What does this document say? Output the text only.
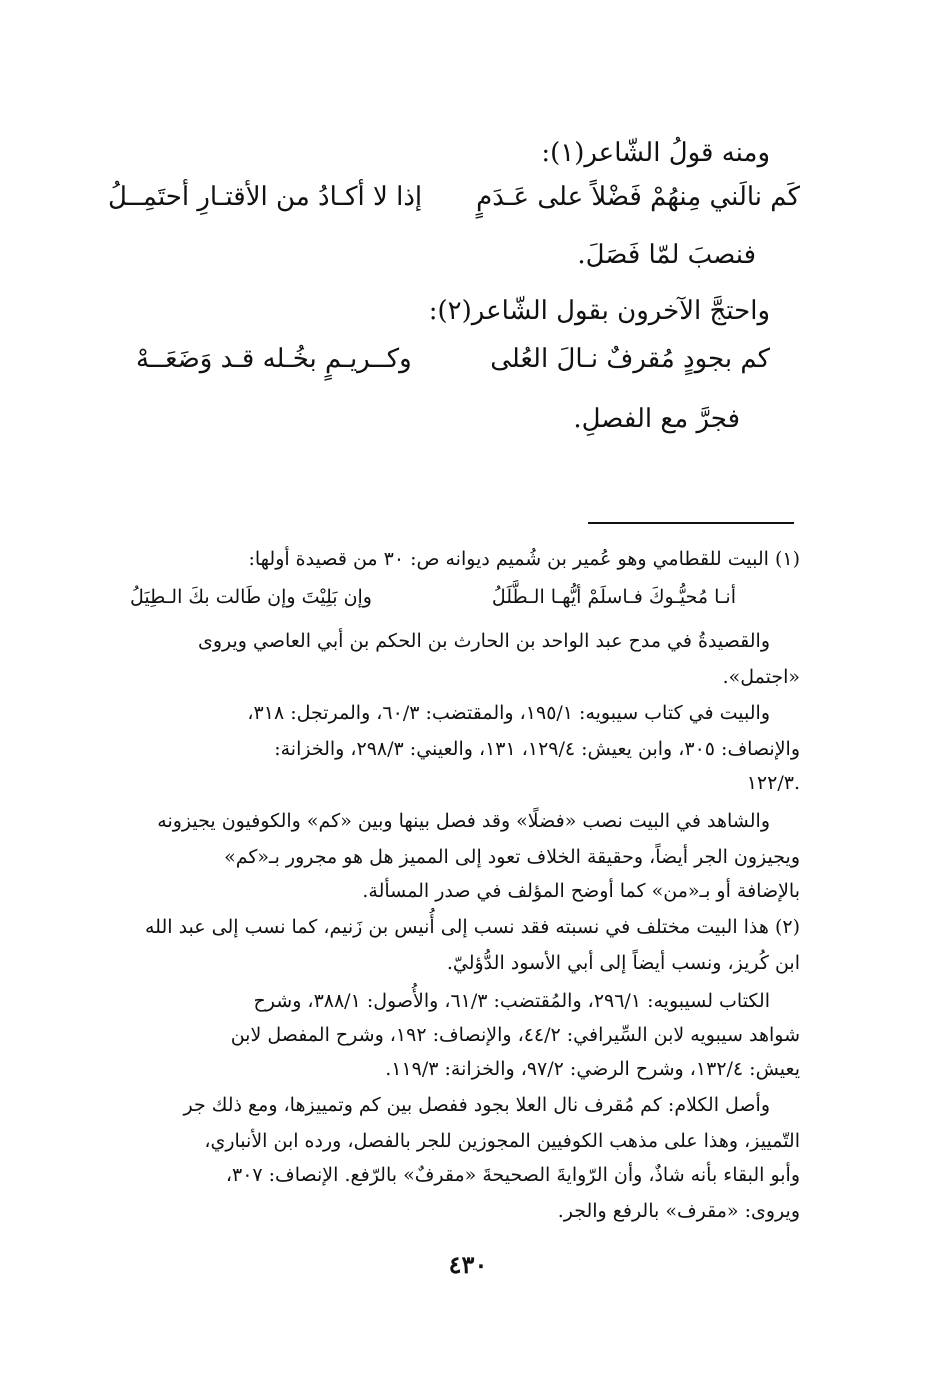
ومنه قولُ الشّاعر(١):
كَم نالَني مِنهُمْ فَضْلاً على عَـدَمٍ
إذا لا أكـادُ من الأقتـارِ أحتَمِــلُ
فنصبَ لمّا فَصَلَ.
واحتجَّ الآخرون بقول الشّاعر(٢):
كم بجودٍ مُقرفٌ نـالَ العُلى
وكــريـمٍ بخُـله قـد وَضَعَــهْ
فجرَّ مع الفصلِ.
(١) البيت للقطامي وهو عُمير بن شُميم ديوانه ص: ٣٠ من قصيدة أولها:
أنـا مُحيُّـوكَ فـاسلَمْ أيُّهـا الـطَّلَلُ
وإن بَلِيْتَ وإن طَالت بكَ الـطِيَلُ
والقصيدةُ في مدح عبد الواحد بن الحارث بن الحكم بن أبي العاصي ويروى
«اجتمل».
والبيت في كتاب سيبويه: ١٩٥/١، والمقتضب: ٦٠/٣، والمرتجل: ٣١٨،
والإنصاف: ٣٠٥، وابن يعيش: ١٢٩/٤، ١٣١، والعيني: ٢٩٨/٣، والخزانة:
١٢٢/٣.
والشاهد في البيت نصب «فضلًا» وقد فصل بينها وبين «كم» والكوفيون يجيزونه
ويجيزون الجر أيضاً، وحقيقة الخلاف تعود إلى المميز هل هو مجرور بـ«كم»
بالإضافة أو بـ«من» كما أوضح المؤلف في صدر المسألة.
(٢) هذا البيت مختلف في نسبته فقد نسب إلى أُنيس بن زَنيم، كما نسب إلى عبد الله
ابن كُريز، ونسب أيضاً إلى أبي الأسود الدُّؤليّ.
الكتاب لسيبويه: ٢٩٦/١، والمُقتضب: ٦١/٣، والأُصول: ٣٨٨/١، وشرح
شواهد سيبويه لابن السِّيرافي: ٤٤/٢، والإنصاف: ١٩٢، وشرح المفصل لابن
يعيش: ١٣٢/٤، وشرح الرضي: ٩٧/٢، والخزانة: ١١٩/٣.
وأصل الكلام: كم مُقرف نال العلا بجود ففصل بين كم وتمييزها، ومع ذلك جر
التّمييز، وهذا على مذهب الكوفيين المجوزين للجر بالفصل، ورده ابن الأنباري،
وأبو البقاء بأنه شاذٌ، وأن الرّوايةَ الصحيحةَ «مقرفٌ» بالرّفع. الإنصاف: ٣٠٧،
ويروى: «مقرف» بالرفع والجر.
٤٣٠
